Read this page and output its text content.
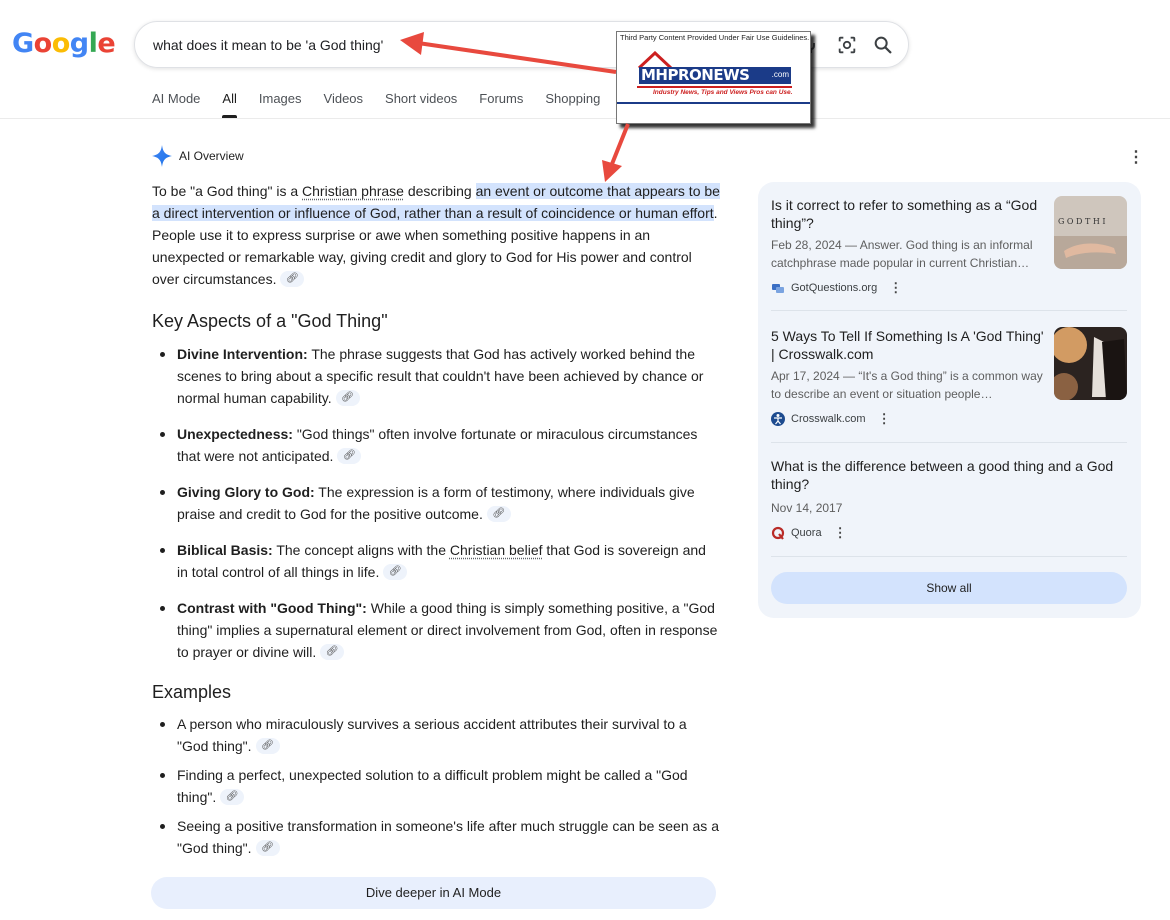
Google	what does it mean to be 'a God thing'
AI Mode All Images Videos Short videos Forums Shopping
AI Overview	⋮

To be "a God thing" is a Christian phrase describing an event or outcome that appears to be a direct intervention or influence of God, rather than a result of coincidence or human effort. People use it to express surprise or awe when something positive happens in an unexpected or remarkable way, giving credit and glory to God for His power and control over circumstances. 🔗︎

Key Aspects of a "God Thing"
Divine Intervention: The phrase suggests that God has actively worked behind the scenes to bring about a specific result that couldn't have been achieved by chance or normal human capability. 🔗︎
Unexpectedness: "God things" often involve fortunate or miraculous circumstances that were not anticipated. 🔗︎
Giving Glory to God: The expression is a form of testimony, where individuals give praise and credit to God for the positive outcome. 🔗︎
Biblical Basis: The concept aligns with the Christian belief that God is sovereign and in total control of all things in life. 🔗︎
Contrast with "Good Thing": While a good thing is simply something positive, a "God thing" implies a supernatural element or direct involvement from God, often in response to prayer or divine will. 🔗︎
Examples
A person who miraculously survives a serious accident attributes their survival to a "God thing". 🔗︎
Finding a perfect, unexpected solution to a difficult problem might be called a "God thing". 🔗︎
Seeing a positive transformation in someone's life after much struggle can be seen as a "God thing". 🔗︎
Dive deeper in AI Mode
Is it correct to refer to something as a “God thing”?
Feb 28, 2024 — Answer. God thing is an informal catchphrase made popular in current Christian…
GotQuestions.org ⋮
G O D T H I
5 Ways To Tell If Something Is A 'God Thing' | Crosswalk.com
Apr 17, 2024 — “It's a God thing” is a common way to describe an event or situation people…
Crosswalk.com ⋮
What is the difference between a good thing and a God thing?
Nov 14, 2017
Quora ⋮
Show all
Third Party Content Provided Under Fair Use Guidelines.
MHPRONEWS	.com
Industry News, Tips and Views Pros can Use.
